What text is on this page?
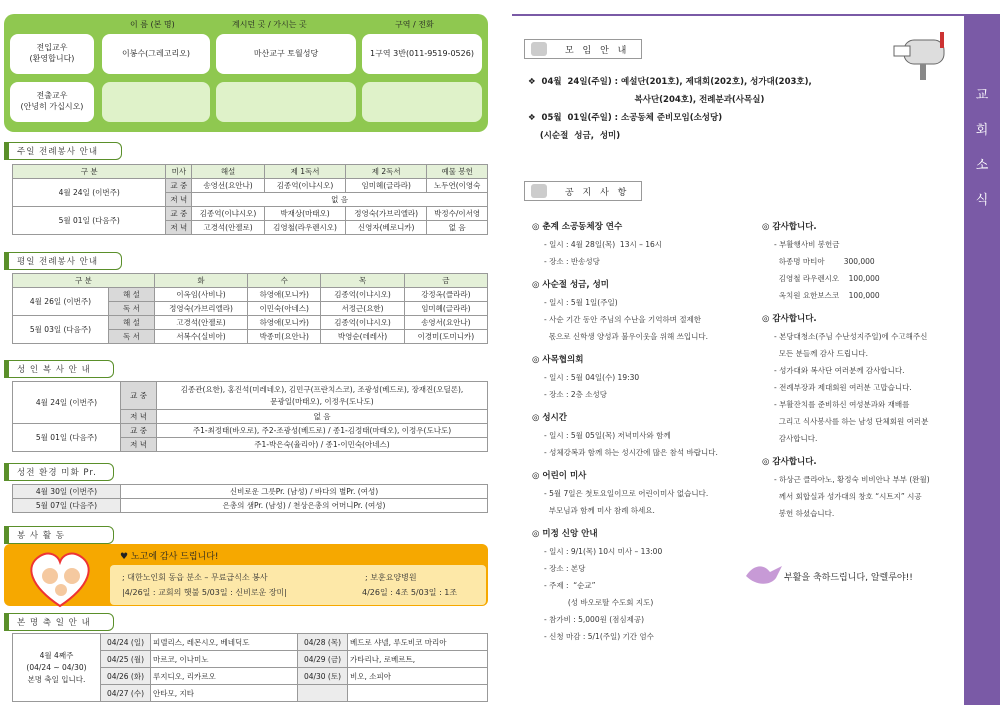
이 름 (본 명)	계시던 곳 / 가시는 곳	구역 / 전화
전입교우
(환영합니다)
이봉수(그레고리오)	마산교구 토월성당	1구역 3반(011-9519-0526)
전출교우
(안녕히 가십시오)
주일 전례봉사 안내
구 분	미사	해설	제 1독서	제 2독서	예물 봉헌
4월 24일 (이번주)	교 중	송영선(요안나)	김종억(이냐시오)	임미혜(글라라)	노두연(이영숙
	저 녁	없 음			
5월 01일 (다음주)	교 중	김종억(이냐시오)	박재상(마태오)	정영숙(가브리엘라)	박정수/이서영
	저 녁	고경석(안젤로)	김영철(라우렌시오)	신영자(베로니카)	없 음
평일 전례봉사 안내
구 분		화	수	목	금
4월 26일 (이번주)	해 설	이옥임(사비나)	하영애(모니카)	김종억(이냐시오)	강정옥(클라라)
	독 서	정영숙(가브리엘라)	이민숙(아네스)	서정근(요한)	임미혜(글라라)
5월 03일 (다음주)	해 설	고경석(안젤로)	하영애(모니카)	김종억(이냐시오)	송영서(요안나)
	독 서	서복수(실비아)	박종미(요안나)	박영순(데레사)	이경미(도미니카)
성 인 복 사 안 내
4월 24일 (이번주)	교 중	김종관(요한), 홍진석(미레네오), 김민구(프란치스코), 조광성(베드로), 장재진(오딜론),
문광일(마태오), 이정우(도나도)
	저 녁	없 음
5월 01일 (다음주)	교 중	주1-최정태(바오로), 주2-조광성(베드로) / 종1-김정태(마태오), 이정우(도나도)
	저 녁	주1-박은숙(율리아) / 종1-이민숙(아네스)
성전 환경 미화 Pr.
4월 30일 (이번주)	신비로운 그릇Pr. (남성) / 바다의 별Pr. (여성)
5월 07일 (다음주)	은총의 샘Pr. (남성) / 천상은총의 어머니Pr. (여성)
봉 사 활 동
♥ 노고에 감사 드립니다!
; 대한노인회 동읍 분소 – 무료급식소 봉사	; 보훈요양병원
|4/26일 : 교회의 햇불 5/03일 : 신비로운 장미|	4/26일 : 4조 5/03일 : 1조
본 명 축 일 안 내
4월 4째주
(04/24 ~ 04/30)
본명 축일 입니다.	04/24 (일)	피델리스, 레몬시오, 베네딕도	04/28 (목)	베드로 샤넬, 루도비코 마리아
	04/25 (월)	마르코, 이나미노	04/29 (금)	가타리나, 로베르트,
	04/26 (화)	루지디오, 리카르오	04/30 (토)	비오, 소피아
	04/27 (수)	안타모, 지타		
교
회
소
식
모 임 안 내
❖  04월  24일(주일) : 예설단(201호), 제대회(202호), 성가대(203호),
복사단(204호), 전례분과(사목실)
❖  05월  01일(주일) : 소공동체 준비모임(소성당)
(시순절  성금,  성미)
공 지 사 항
◎ 춘계 소공동체장 연수
- 일시 : 4월 28일(목)  13시 – 16시
- 장소 : 반송성당
◎ 사순절 성금, 성미
- 일시 : 5월 1일(주일)
- 사순 기간 동안 주님의 수난을 기억하며 절제한
몫으로 신학생 양성과 불우이웃을 위해 쓰입니다.
◎ 사목협의회
- 일시 : 5월 04일(수) 19:30
- 장소 : 2층 소성당
◎ 성시간
- 일시 : 5월 05일(목) 저녁미사와 함께
- 성체강복과 함께 하는 성시간에 많은 참석 바랍니다.
◎ 어린이 미사
- 5월 7일은 첫토요일이므로 어린이미사 없습니다.
부모님과 함께 미사 참례 하세요.
◎ 미정 신앙 안내
- 일시 : 9/1(목) 10시 미사 – 13:00
- 장소 : 본당
- 주제 :  “순교”
(성 바오로딸 수도회 지도)
- 참가비 : 5,000원 (점심제공)
- 신청 마감 : 5/1(주일) 기간 엄수
◎ 감사합니다.
- 부활행사비 봉헌금
하종명 마티아        300,000
김영철 라우렌시오    100,000
옥치원 요한보스코    100,000
◎ 감사합니다.
- 본당대청소(주님 수난성지주일)에 수고해주신
모든 분들께 감사 드립니다.
- 성가대와 복사단 여러분께 감사합니다.
- 전례부장과 제대회원 여러분 고맙습니다.
- 부활잔치를 준비하신 여성분과와 재배를
그리고 식사봉사를 하는 남성 단체회원 여러분
감사합니다.
◎ 감사합니다.
- 하상근 클라아노, 황정숙 비비안나 부부 (완월)
께서 회합실과 성가대의 창호 “시트지” 시공
봉헌 하셨습니다.
부활을 축하드립니다, 알렐루야!!
